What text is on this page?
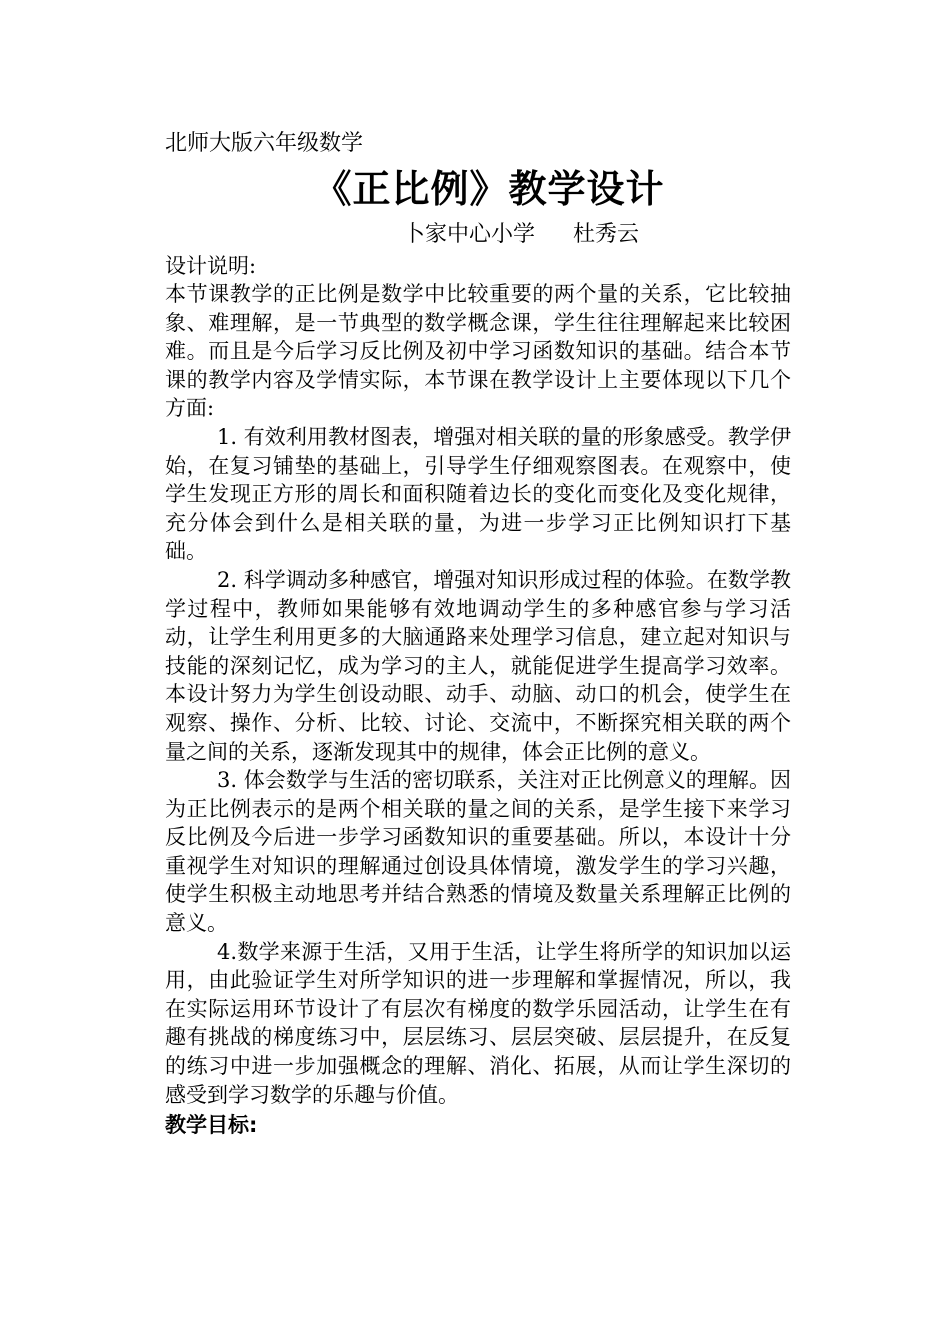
北师大版六年级数学
《正比例》教学设计
卜家中心小学 杜秀云
设计说明:

本节课教学的正比例是数学中比较重要的两个量的关系，它比较抽象、难理解，是一节典型的数学概念课，学生往往理解起来比较困难。而且是今后学习反比例及初中学习函数知识的基础。结合本节课的教学内容及学情实际，本节课在教学设计上主要体现以下几个方面:

1. 有效利用教材图表，增强对相关联的量的形象感受。教学伊始，在复习铺垫的基础上，引导学生仔细观察图表。在观察中，使学生发现正方形的周长和面积随着边长的变化而变化及变化规律，充分体会到什么是相关联的量，为进一步学习正比例知识打下基础。

2. 科学调动多种感官，增强对知识形成过程的体验。在数学教学过程中，教师如果能够有效地调动学生的多种感官参与学习活动，让学生利用更多的大脑通路来处理学习信息，建立起对知识与技能的深刻记忆，成为学习的主人，就能促进学生提高学习效率。本设计努力为学生创设动眼、动手、动脑、动口的机会，使学生在观察、操作、分析、比较、讨论、交流中，不断探究相关联的两个量之间的关系，逐渐发现其中的规律，体会正比例的意义。

3. 体会数学与生活的密切联系，关注对正比例意义的理解。因为正比例表示的是两个相关联的量之间的关系，是学生接下来学习反比例及今后进一步学习函数知识的重要基础。所以，本设计十分重视学生对知识的理解通过创设具体情境，激发学生的学习兴趣，使学生积极主动地思考并结合熟悉的情境及数量关系理解正比例的意义。

4.数学来源于生活，又用于生活，让学生将所学的知识加以运用，由此验证学生对所学知识的进一步理解和掌握情况，所以，我在实际运用环节设计了有层次有梯度的数学乐园活动，让学生在有趣有挑战的梯度练习中，层层练习、层层突破、层层提升，在反复的练习中进一步加强概念的理解、消化、拓展，从而让学生深切的感受到学习数学的乐趣与价值。

教学目标:
